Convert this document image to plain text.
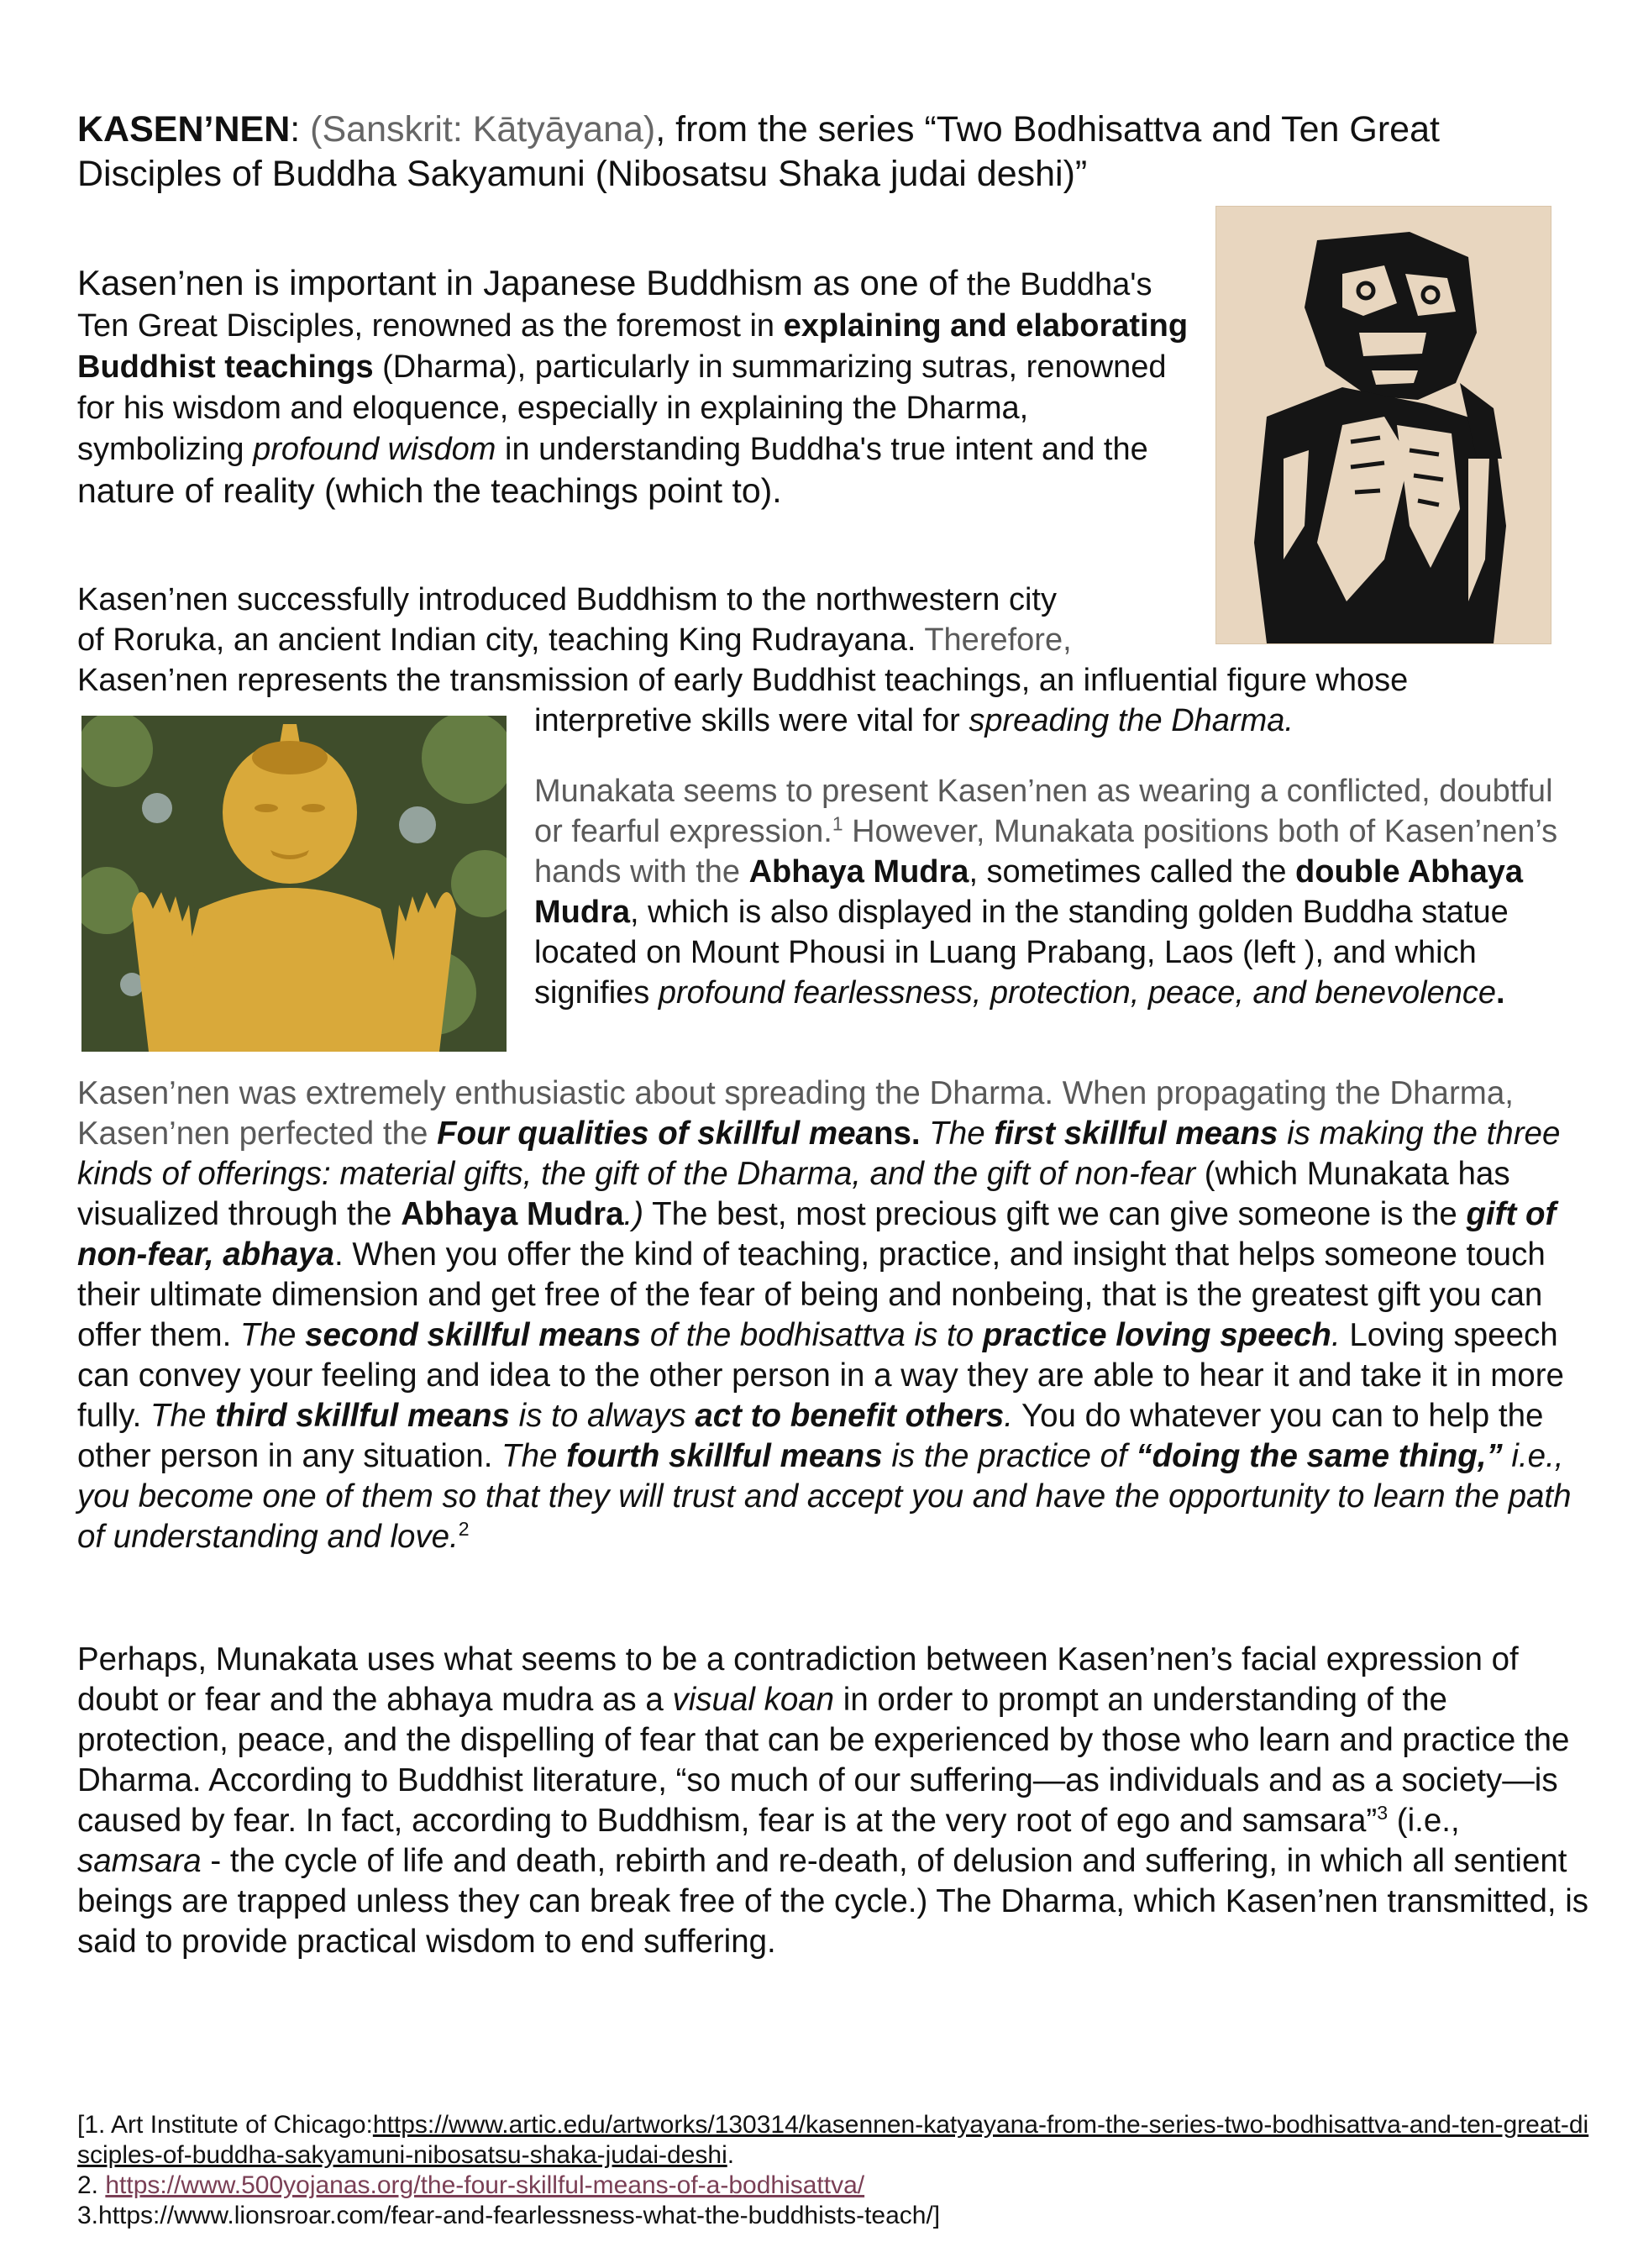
KASEN’NEN: (Sanskrit: Kātyāyana), from the series “Two Bodhisattva and Ten Great
Disciples of Buddha Sakyamuni (Nibosatsu Shaka judai deshi)”

Kasen’nen is important in Japanese Buddhism as one of the Buddha's Ten Great Disciples, renowned as the foremost in explaining and elaborating Buddhist teachings (Dharma), particularly in summarizing sutras, renowned for his wisdom and eloquence, especially in explaining the Dharma, symbolizing profound wisdom in understanding Buddha's true intent and the nature of reality (which the teachings point to).

Kasen’nen successfully introduced Buddhism to the northwestern city
of Roruka, an ancient Indian city, teaching King Rudrayana. Therefore,
Kasen’nen represents the transmission of early Buddhist teachings, an influential figure whose
interpretive skills were vital for spreading the Dharma.

Munakata seems to present Kasen’nen as wearing a conflicted, doubtful or fearful expression.$^1$ However, Munakata positions both of Kasen’nen’s hands with the Abhaya Mudra, sometimes called the double Abhaya Mudra, which is also displayed in the standing golden Buddha statue located on Mount Phousi in Luang Prabang, Laos (left ), and which signifies profound fearlessness, protection, peace, and benevolence.

Kasen’nen was extremely enthusiastic about spreading the Dharma. When propagating the Dharma, Kasen’nen perfected the Four qualities of skillful means. The first skillful means is making the three kinds of offerings: material gifts, the gift of the Dharma, and the gift of non-fear (which Munakata has visualized through the Abhaya Mudra.) The best, most precious gift we can give someone is the gift of non-fear, abhaya. When you offer the kind of teaching, practice, and insight that helps someone touch their ultimate dimension and get free of the fear of being and nonbeing, that is the greatest gift you can offer them. The second skillful means of the bodhisattva is to practice loving speech. Loving speech can convey your feeling and idea to the other person in a way they are able to hear it and take it in more fully. The third skillful means is to always act to benefit others. You do whatever you can to help the other person in any situation. The fourth skillful means is the practice of “doing the same thing,” i.e., you become one of them so that they will trust and accept you and have the opportunity to learn the path of understanding and love.$^2$

Perhaps, Munakata uses what seems to be a contradiction between Kasen’nen’s facial expression of doubt or fear and the abhaya mudra as a visual koan in order to prompt an understanding of the protection, peace, and the dispelling of fear that can be experienced by those who learn and practice the Dharma. According to Buddhist literature, “so much of our suffering—as individuals and as a society—is caused by fear. In fact, according to Buddhism, fear is at the very root of ego and samsara”$^3$ (i.e., samsara - the cycle of life and death, rebirth and re-death, of delusion and suffering, in which all sentient beings are trapped unless they can break free of the cycle.) The Dharma, which Kasen’nen transmitted, is said to provide practical wisdom to end suffering.

[1. Art Institute of Chicago:https://www.artic.edu/artworks/130314/kasennen-katyayana-from-the-series-two-bodhisattva-and-ten-great-disciples-of-buddha-sakyamuni-nibosatsu-shaka-judai-deshi.
2. https://www.500yojanas.org/the-four-skillful-means-of-a-bodhisattva/
3.https://www.lionsroar.com/fear-and-fearlessness-what-the-buddhists-teach/]
